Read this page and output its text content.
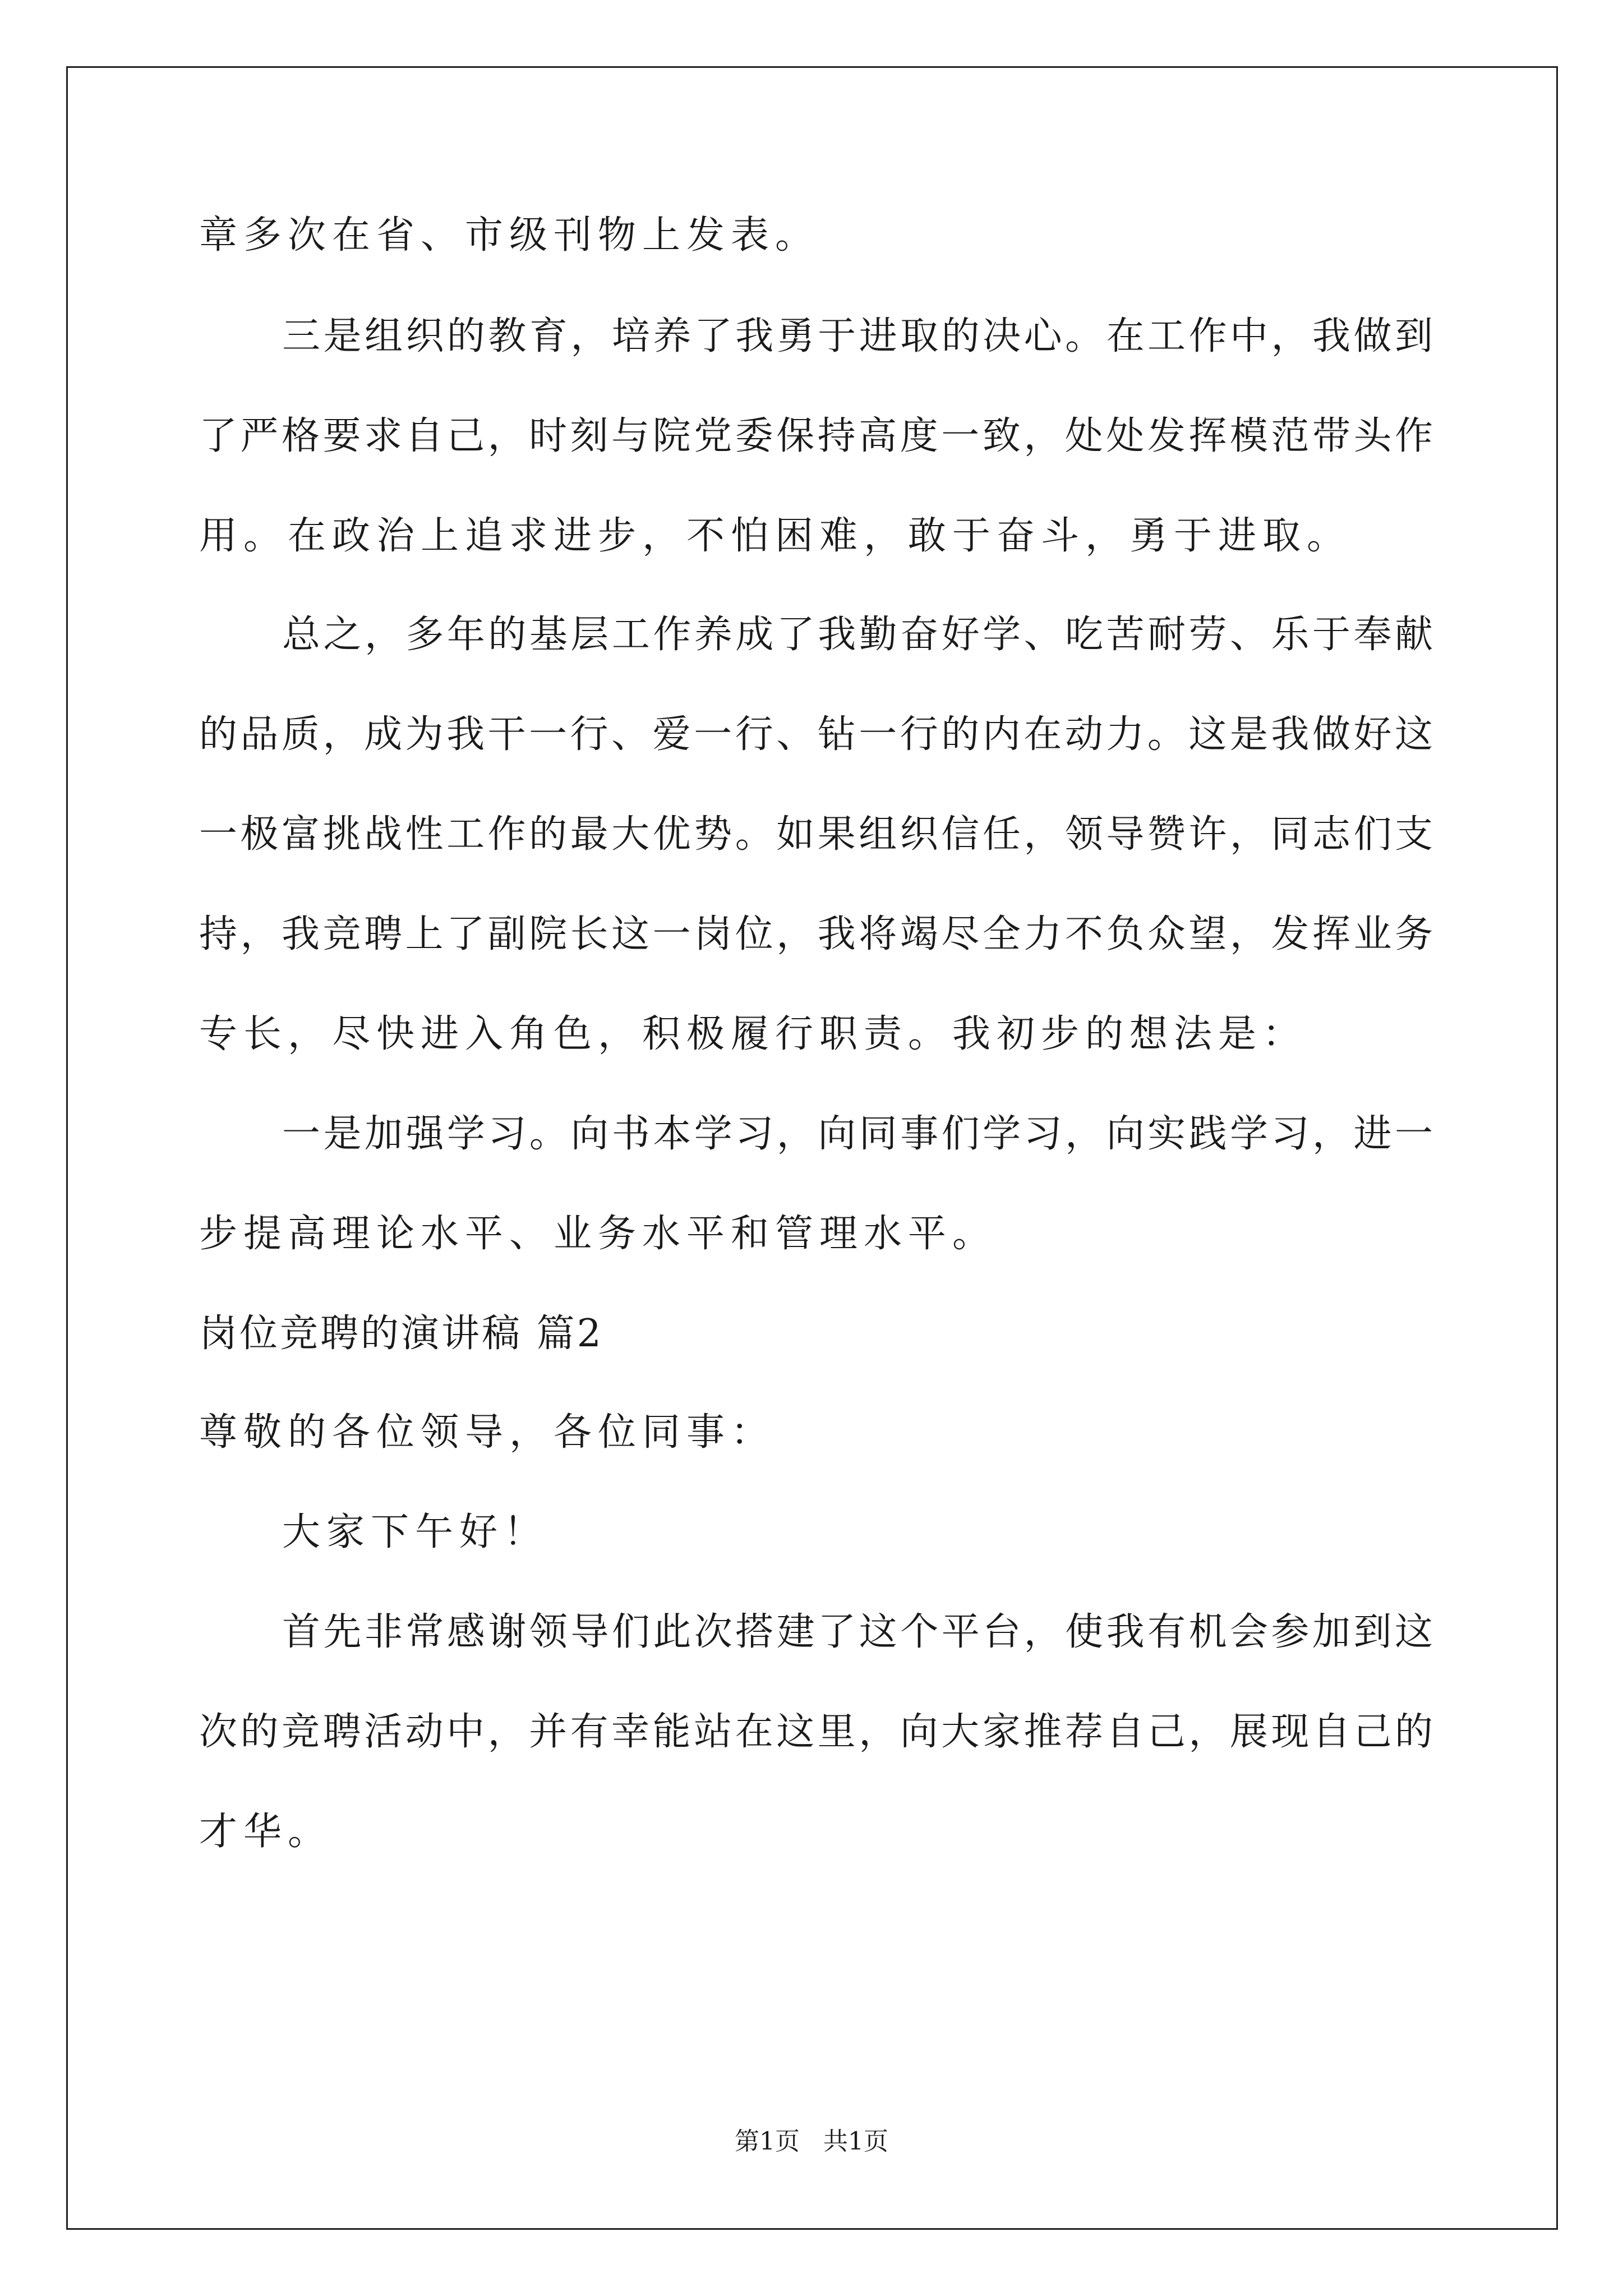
章多次在省、市级刊物上发表。
三是组织的教育，培养了我勇于进取的决心。在工作中，我做到
了严格要求自己，时刻与院党委保持高度一致，处处发挥模范带头作
用。在政治上追求进步，不怕困难，敢于奋斗，勇于进取。
总之，多年的基层工作养成了我勤奋好学、吃苦耐劳、乐于奉献
的品质，成为我干一行、爱一行、钻一行的内在动力。这是我做好这
一极富挑战性工作的最大优势。如果组织信任，领导赞许，同志们支
持，我竞聘上了副院长这一岗位，我将竭尽全力不负众望，发挥业务
专长，尽快进入角色，积极履行职责。我初步的想法是：
一是加强学习。向书本学习，向同事们学习，向实践学习，进一
步提高理论水平、业务水平和管理水平。
岗位竞聘的演讲稿 篇2
尊敬的各位领导，各位同事：
大家下午好！
首先非常感谢领导们此次搭建了这个平台，使我有机会参加到这
次的竞聘活动中，并有幸能站在这里，向大家推荐自己，展现自己的
才华。
第1页 共1页
